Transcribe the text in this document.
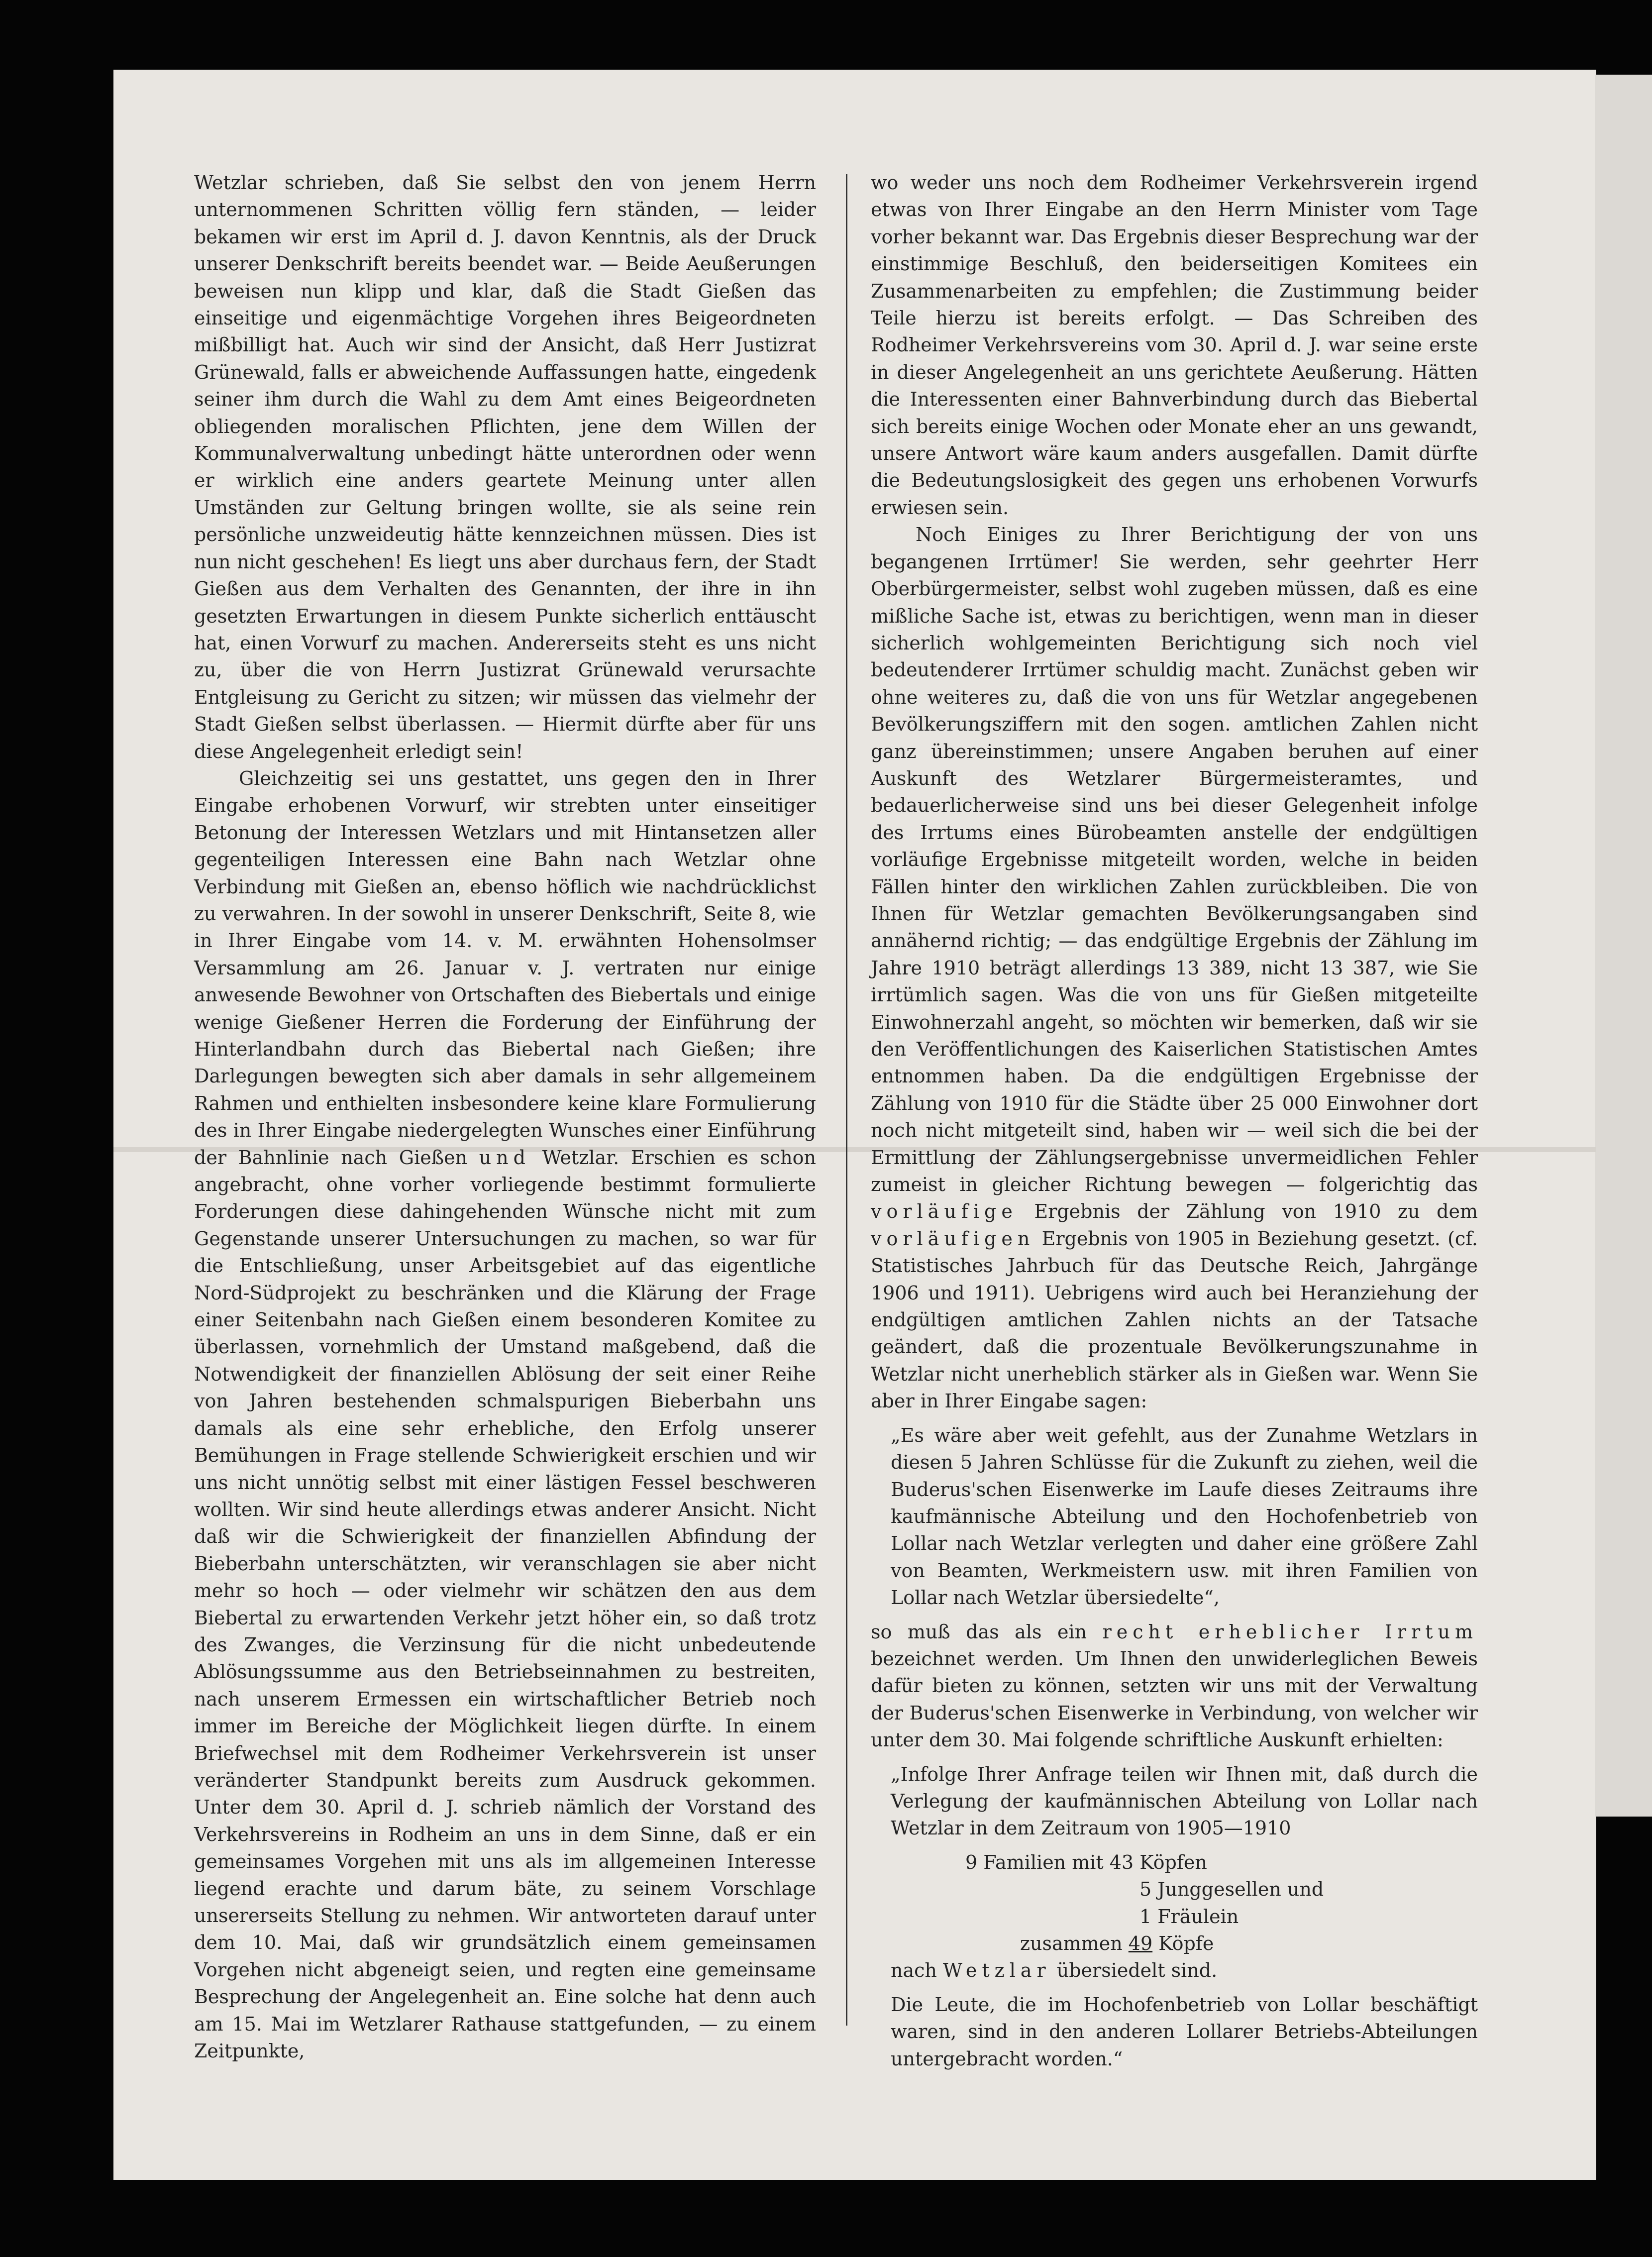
Wetzlar schrieben, daß Sie selbst den von jenem Herrn unternommenen Schritten völlig fern ständen, — leider bekamen wir erst im April d. J. davon Kenntnis, als der Druck unserer Denkschrift bereits beendet war. — Beide Aeußerungen beweisen nun klipp und klar, daß die Stadt Gießen das einseitige und eigenmächtige Vorgehen ihres Beigeordneten mißbilligt hat. Auch wir sind der Ansicht, daß Herr Justizrat Grünewald, falls er abweichende Auffassungen hatte, eingedenk seiner ihm durch die Wahl zu dem Amt eines Beigeordneten obliegenden moralischen Pflichten, jene dem Willen der Kommunalverwaltung unbedingt hätte unterordnen oder wenn er wirklich eine anders geartete Meinung unter allen Umständen zur Geltung bringen wollte, sie als seine rein persönliche unzweideutig hätte kennzeichnen müssen. Dies ist nun nicht geschehen! Es liegt uns aber durchaus fern, der Stadt Gießen aus dem Verhalten des Genannten, der ihre in ihn gesetzten Erwartungen in diesem Punkte sicherlich enttäuscht hat, einen Vorwurf zu machen. Andererseits steht es uns nicht zu, über die von Herrn Justizrat Grünewald verursachte Entgleisung zu Gericht zu sitzen; wir müssen das vielmehr der Stadt Gießen selbst überlassen. — Hiermit dürfte aber für uns diese Angelegenheit erledigt sein!

Gleichzeitig sei uns gestattet, uns gegen den in Ihrer Eingabe erhobenen Vorwurf, wir strebten unter einseitiger Betonung der Interessen Wetzlars und mit Hintansetzen aller gegenteiligen Interessen eine Bahn nach Wetzlar ohne Verbindung mit Gießen an, ebenso höflich wie nachdrücklichst zu verwahren. In der sowohl in unserer Denkschrift, Seite 8, wie in Ihrer Eingabe vom 14. v. M. erwähnten Hohensolmser Versammlung am 26. Januar v. J. vertraten nur einige anwesende Bewohner von Ortschaften des Biebertals und einige wenige Gießener Herren die Forderung der Einführung der Hinterlandbahn durch das Biebertal nach Gießen; ihre Darlegungen bewegten sich aber damals in sehr allgemeinem Rahmen und enthielten insbesondere keine klare Formulierung des in Ihrer Eingabe niedergelegten Wunsches einer Einführung der Bahnlinie nach Gießen und Wetzlar. Erschien es schon angebracht, ohne vorher vorliegende bestimmt formulierte Forderungen diese dahingehenden Wünsche nicht mit zum Gegenstande unserer Untersuchungen zu machen, so war für die Entschließung, unser Arbeitsgebiet auf das eigentliche Nord-Südprojekt zu beschränken und die Klärung der Frage einer Seitenbahn nach Gießen einem besonderen Komitee zu überlassen, vornehmlich der Umstand maßgebend, daß die Notwendigkeit der finanziellen Ablösung der seit einer Reihe von Jahren bestehenden schmalspurigen Bieberbahn uns damals als eine sehr erhebliche, den Erfolg unserer Bemühungen in Frage stellende Schwierigkeit erschien und wir uns nicht unnötig selbst mit einer lästigen Fessel beschweren wollten. Wir sind heute allerdings etwas anderer Ansicht. Nicht daß wir die Schwierigkeit der finanziellen Abfindung der Bieberbahn unterschätzten, wir veranschlagen sie aber nicht mehr so hoch — oder vielmehr wir schätzen den aus dem Biebertal zu erwartenden Verkehr jetzt höher ein, so daß trotz des Zwanges, die Verzinsung für die nicht unbedeutende Ablösungssumme aus den Betriebseinnahmen zu bestreiten, nach unserem Ermessen ein wirtschaftlicher Betrieb noch immer im Bereiche der Möglichkeit liegen dürfte. In einem Briefwechsel mit dem Rodheimer Verkehrsverein ist unser veränderter Standpunkt bereits zum Ausdruck gekommen. Unter dem 30. April d. J. schrieb nämlich der Vorstand des Verkehrsvereins in Rodheim an uns in dem Sinne, daß er ein gemeinsames Vorgehen mit uns als im allgemeinen Interesse liegend erachte und darum bäte, zu seinem Vorschlage unsererseits Stellung zu nehmen. Wir antworteten darauf unter dem 10. Mai, daß wir grundsätzlich einem gemeinsamen Vorgehen nicht abgeneigt seien, und regten eine gemeinsame Besprechung der Angelegenheit an. Eine solche hat denn auch am 15. Mai im Wetzlarer Rathause stattgefunden, — zu einem Zeitpunkte,

wo weder uns noch dem Rodheimer Verkehrsverein irgend etwas von Ihrer Eingabe an den Herrn Minister vom Tage vorher bekannt war. Das Ergebnis dieser Besprechung war der einstimmige Beschluß, den beiderseitigen Komitees ein Zusammenarbeiten zu empfehlen; die Zustimmung beider Teile hierzu ist bereits erfolgt. — Das Schreiben des Rodheimer Verkehrsvereins vom 30. April d. J. war seine erste in dieser Angelegenheit an uns gerichtete Aeußerung. Hätten die Interessenten einer Bahnverbindung durch das Biebertal sich bereits einige Wochen oder Monate eher an uns gewandt, unsere Antwort wäre kaum anders ausgefallen. Damit dürfte die Bedeutungslosigkeit des gegen uns erhobenen Vorwurfs erwiesen sein.

Noch Einiges zu Ihrer Berichtigung der von uns begangenen Irrtümer! Sie werden, sehr geehrter Herr Oberbürgermeister, selbst wohl zugeben müssen, daß es eine mißliche Sache ist, etwas zu berichtigen, wenn man in dieser sicherlich wohlgemeinten Berichtigung sich noch viel bedeutenderer Irrtümer schuldig macht. Zunächst geben wir ohne weiteres zu, daß die von uns für Wetzlar angegebenen Bevölkerungsziffern mit den sogen. amtlichen Zahlen nicht ganz übereinstimmen; unsere Angaben beruhen auf einer Auskunft des Wetzlarer Bürgermeisteramtes, und bedauerlicherweise sind uns bei dieser Gelegenheit infolge des Irrtums eines Bürobeamten anstelle der endgültigen vorläufige Ergebnisse mitgeteilt worden, welche in beiden Fällen hinter den wirklichen Zahlen zurückbleiben. Die von Ihnen für Wetzlar gemachten Bevölkerungsangaben sind annähernd richtig; — das endgültige Ergebnis der Zählung im Jahre 1910 beträgt allerdings 13 389, nicht 13 387, wie Sie irrtümlich sagen. Was die von uns für Gießen mitgeteilte Einwohnerzahl angeht, so möchten wir bemerken, daß wir sie den Veröffentlichungen des Kaiserlichen Statistischen Amtes entnommen haben. Da die endgültigen Ergebnisse der Zählung von 1910 für die Städte über 25 000 Einwohner dort noch nicht mitgeteilt sind, haben wir — weil sich die bei der Ermittlung der Zählungsergebnisse unvermeidlichen Fehler zumeist in gleicher Richtung bewegen — folgerichtig das vorläufige Ergebnis der Zählung von 1910 zu dem vorläufigen Ergebnis von 1905 in Beziehung gesetzt. (cf. Statistisches Jahrbuch für das Deutsche Reich, Jahrgänge 1906 und 1911). Uebrigens wird auch bei Heranziehung der endgültigen amtlichen Zahlen nichts an der Tatsache geändert, daß die prozentuale Bevölkerungszunahme in Wetzlar nicht unerheblich stärker als in Gießen war. Wenn Sie aber in Ihrer Eingabe sagen:

„Es wäre aber weit gefehlt, aus der Zunahme Wetzlars in diesen 5 Jahren Schlüsse für die Zukunft zu ziehen, weil die Buderus'schen Eisenwerke im Laufe dieses Zeitraums ihre kaufmännische Abteilung und den Hochofenbetrieb von Lollar nach Wetzlar verlegten und daher eine größere Zahl von Beamten, Werkmeistern usw. mit ihren Familien von Lollar nach Wetzlar übersiedelte“,

so muß das als ein recht erheblicher Irrtum bezeichnet werden. Um Ihnen den unwiderleglichen Beweis dafür bieten zu können, setzten wir uns mit der Verwaltung der Buderus'schen Eisenwerke in Verbindung, von welcher wir unter dem 30. Mai folgende schriftliche Auskunft erhielten:

„Infolge Ihrer Anfrage teilen wir Ihnen mit, daß durch die Verlegung der kaufmännischen Abteilung von Lollar nach Wetzlar in dem Zeitraum von 1905—1910

9 Familien mit 43 Köpfen
5 Junggesellen und
1 Fräulein
zusammen 49 Köpfe
nach Wetzlar übersiedelt sind.

Die Leute, die im Hochofenbetrieb von Lollar beschäftigt waren, sind in den anderen Lollarer Betriebs-Abteilungen untergebracht worden.“
